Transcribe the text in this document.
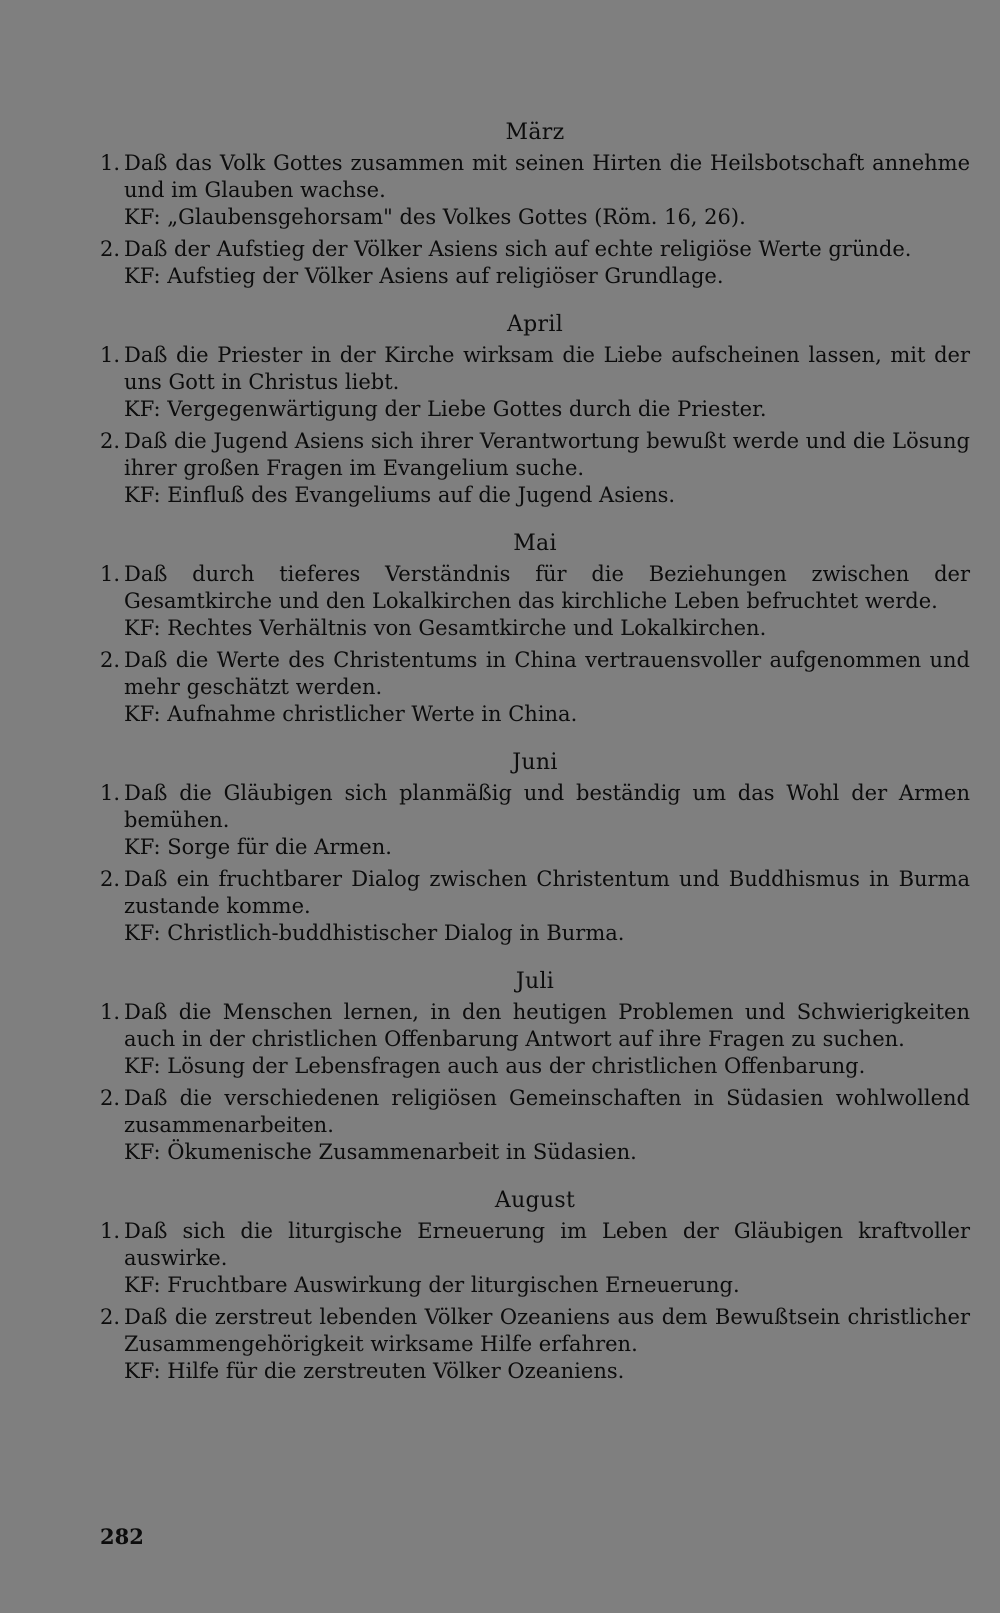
März
1. Daß das Volk Gottes zusammen mit seinen Hirten die Heilsbotschaft annehme und im Glauben wachse.
KF: „Glaubensgehorsam" des Volkes Gottes (Röm. 16, 26).
2. Daß der Aufstieg der Völker Asiens sich auf echte religiöse Werte gründe.
KF: Aufstieg der Völker Asiens auf religiöser Grundlage.
April
1. Daß die Priester in der Kirche wirksam die Liebe aufscheinen lassen, mit der uns Gott in Christus liebt.
KF: Vergegenwärtigung der Liebe Gottes durch die Priester.
2. Daß die Jugend Asiens sich ihrer Verantwortung bewußt werde und die Lösung ihrer großen Fragen im Evangelium suche.
KF: Einfluß des Evangeliums auf die Jugend Asiens.
Mai
1. Daß durch tieferes Verständnis für die Beziehungen zwischen der Gesamtkirche und den Lokalkirchen das kirchliche Leben befruchtet werde.
KF: Rechtes Verhältnis von Gesamtkirche und Lokalkirchen.
2. Daß die Werte des Christentums in China vertrauensvoller aufgenommen und mehr geschätzt werden.
KF: Aufnahme christlicher Werte in China.
Juni
1. Daß die Gläubigen sich planmäßig und beständig um das Wohl der Armen bemühen.
KF: Sorge für die Armen.
2. Daß ein fruchtbarer Dialog zwischen Christentum und Buddhismus in Burma zustande komme.
KF: Christlich-buddhistischer Dialog in Burma.
Juli
1. Daß die Menschen lernen, in den heutigen Problemen und Schwierigkeiten auch in der christlichen Offenbarung Antwort auf ihre Fragen zu suchen.
KF: Lösung der Lebensfragen auch aus der christlichen Offenbarung.
2. Daß die verschiedenen religiösen Gemeinschaften in Südasien wohlwollend zusammenarbeiten.
KF: Ökumenische Zusammenarbeit in Südasien.
August
1. Daß sich die liturgische Erneuerung im Leben der Gläubigen kraftvoller auswirke.
KF: Fruchtbare Auswirkung der liturgischen Erneuerung.
2. Daß die zerstreut lebenden Völker Ozeaniens aus dem Bewußtsein christlicher Zusammengehörigkeit wirksame Hilfe erfahren.
KF: Hilfe für die zerstreuten Völker Ozeaniens.
282
